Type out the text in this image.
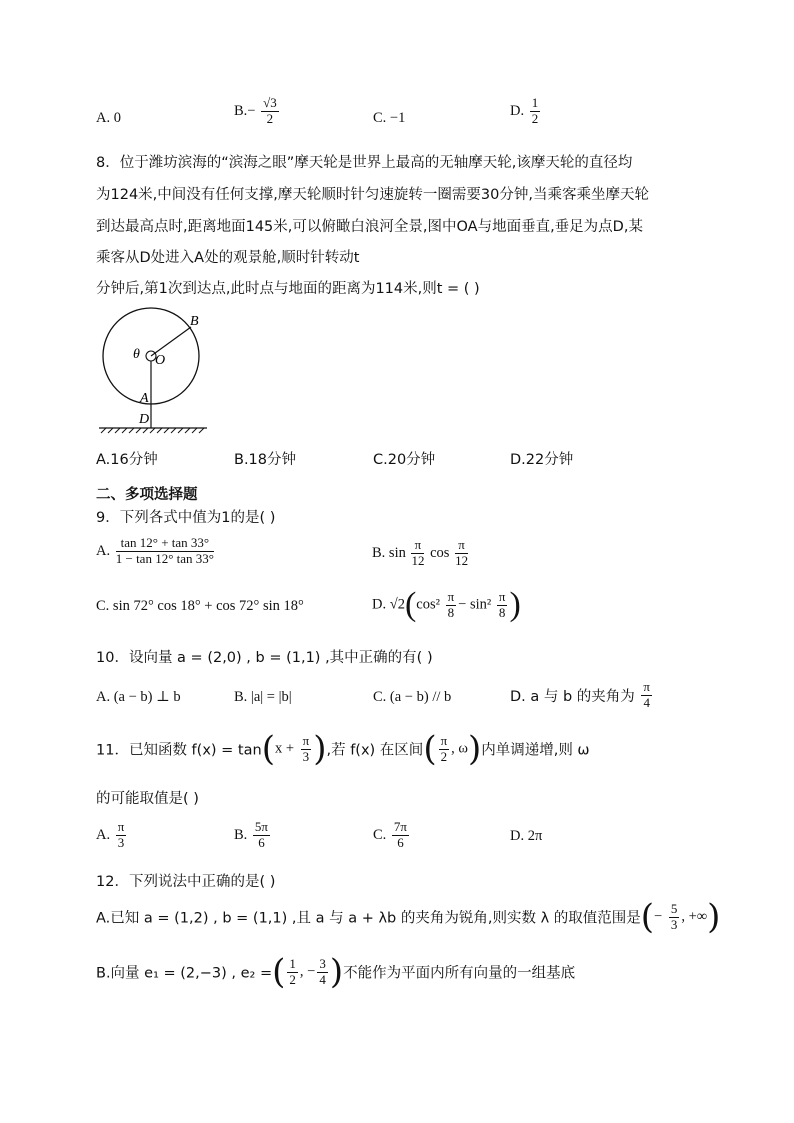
A. 0	$B.- \frac{√3}{2}$	C. −1	D. $\frac{1}{2}$
8．位于潍坊滨海的“滨海之眼”摩天轮是世界上最高的无轴摩天轮,该摩天轮的直径均
为124米,中间没有任何支撑,摩天轮顺时针匀速旋转一圈需要30分钟,当乘客乘坐摩天轮
到达最高点时,距离地面145米,可以俯瞰白浪河全景,图中OA与地面垂直,垂足为点D,某
乘客从D处进入A处的观景舱,顺时针转动t
分钟后,第1次到达点,此时点与地面的距离为114米,则t = ( )
B
O
θ
A
D
A.16分钟	B.18分钟	C.20分钟	D.22分钟
二、多项选择题
9．下列各式中值为1的是( )
A. $\frac{\tan 12^\circ + \tan 33^\circ}{1 - \tan 12^\circ \tan 33^\circ}$	B. $\sin \frac{\pi}{12}$ $\cos \frac{\pi}{12}$
C. sin 72° cos 18° + cos 72° sin 18°	D. $√2(\cos^2 \frac{\pi}{8} - \sin^2 \frac{\pi}{8}$ )
10．设向量 a = (2,0) , b = (1,1) ,其中正确的有( )
A. (a − b) ⊥ b	B. |a| = |b|	C. (a − b) // b	D. a 与 b 的夹角为 $\frac{\pi}{4}$
11．已知函数 $f(x) = \tan(x + \frac{\pi}{3}$ ),若 f(x) 在区间( $\frac{\pi}{2}$ , ω)内单调递增,则 ω
的可能取值是( )
A. $\frac{\pi}{3}$	B. $\frac{5\pi}{6}$	C. $\frac{7\pi}{6}$	D. 2π
12．下列说法中正确的是( )
A.已知 a = (1,2) , b = (1,1) ,且 a 与 a + λb 的夹角为锐角,则实数 λ 的取值范围是(− $\frac{5}{3}$ , +∞)
B.向量 e₁ = (2,−3) , e₂ =( $\frac{1}{2}$ , − $\frac{3}{4}$ )不能作为平面内所有向量的一组基底
